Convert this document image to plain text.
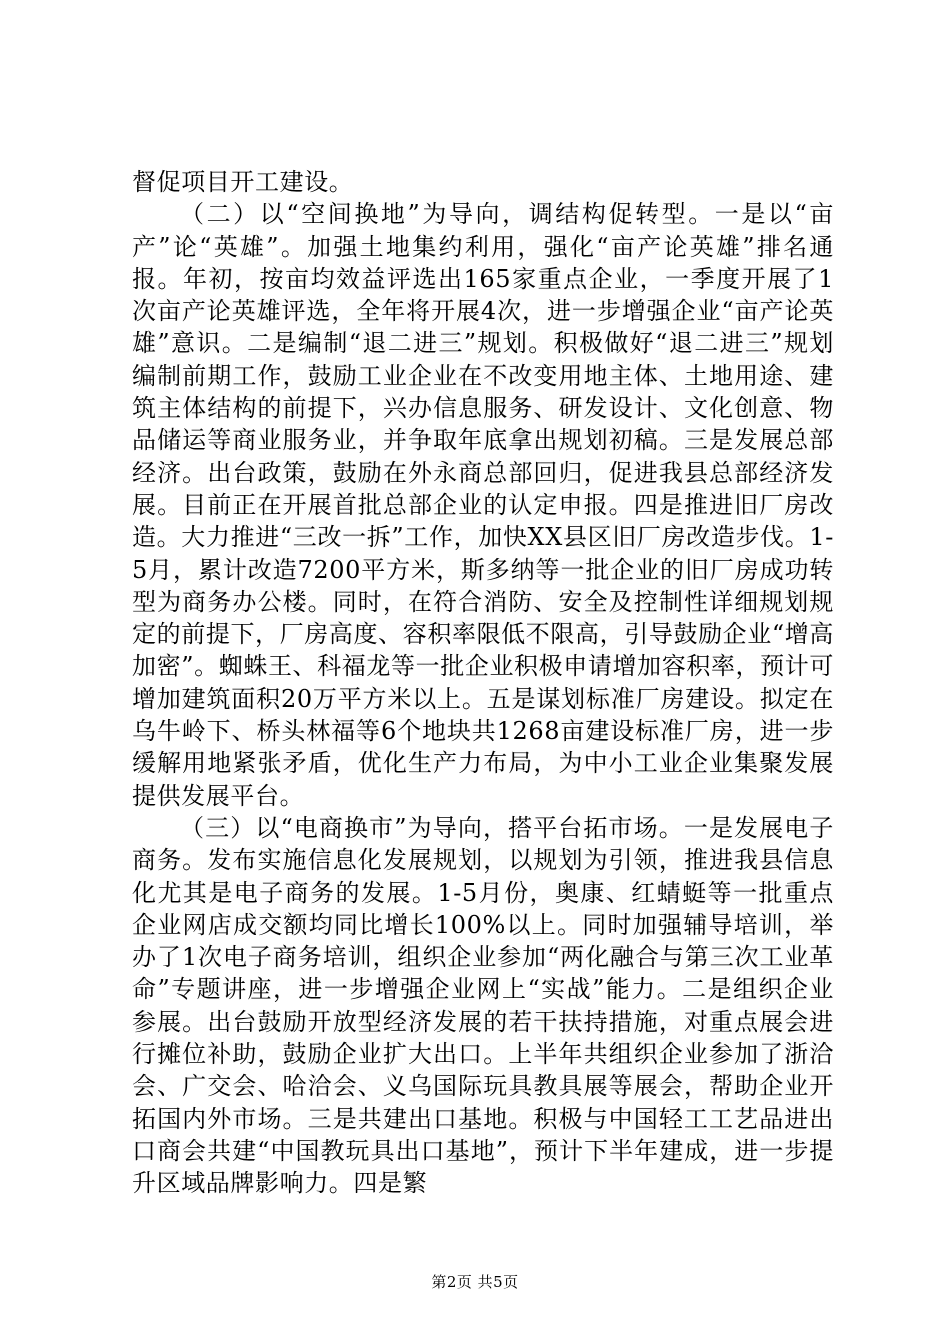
督促项目开工建设。

（二）以“空间换地”为导向，调结构促转型。一是以“亩产”论“英雄”。加强土地集约利用，强化“亩产论英雄”排名通报。年初，按亩均效益评选出165家重点企业，一季度开展了1次亩产论英雄评选，全年将开展4次，进一步增强企业“亩产论英雄”意识。二是编制“退二进三”规划。积极做好“退二进三”规划编制前期工作，鼓励工业企业在不改变用地主体、土地用途、建筑主体结构的前提下，兴办信息服务、研发设计、文化创意、物品储运等商业服务业，并争取年底拿出规划初稿。三是发展总部经济。出台政策，鼓励在外永商总部回归，促进我县总部经济发展。目前正在开展首批总部企业的认定申报。四是推进旧厂房改造。大力推进“三改一拆”工作，加快XX县区旧厂房改造步伐。1-5月，累计改造7200平方米，斯多纳等一批企业的旧厂房成功转型为商务办公楼。同时，在符合消防、安全及控制性详细规划规定的前提下，厂房高度、容积率限低不限高，引导鼓励企业“增高加密”。蜘蛛王、科福龙等一批企业积极申请增加容积率，预计可增加建筑面积20万平方米以上。五是谋划标准厂房建设。拟定在乌牛岭下、桥头林福等6个地块共1268亩建设标准厂房，进一步缓解用地紧张矛盾，优化生产力布局，为中小工业企业集聚发展提供发展平台。

（三）以“电商换市”为导向，搭平台拓市场。一是发展电子商务。发布实施信息化发展规划，以规划为引领，推进我县信息化尤其是电子商务的发展。1-5月份，奥康、红蜻蜓等一批重点企业网店成交额均同比增长100%以上。同时加强辅导培训，举办了1次电子商务培训，组织企业参加“两化融合与第三次工业革命”专题讲座，进一步增强企业网上“实战”能力。二是组织企业参展。出台鼓励开放型经济发展的若干扶持措施，对重点展会进行摊位补助，鼓励企业扩大出口。上半年共组织企业参加了浙洽会、广交会、哈洽会、义乌国际玩具教具展等展会，帮助企业开拓国内外市场。三是共建出口基地。积极与中国轻工工艺品进出口商会共建“中国教玩具出口基地”，预计下半年建成，进一步提升区域品牌影响力。四是繁

第2页 共5页
